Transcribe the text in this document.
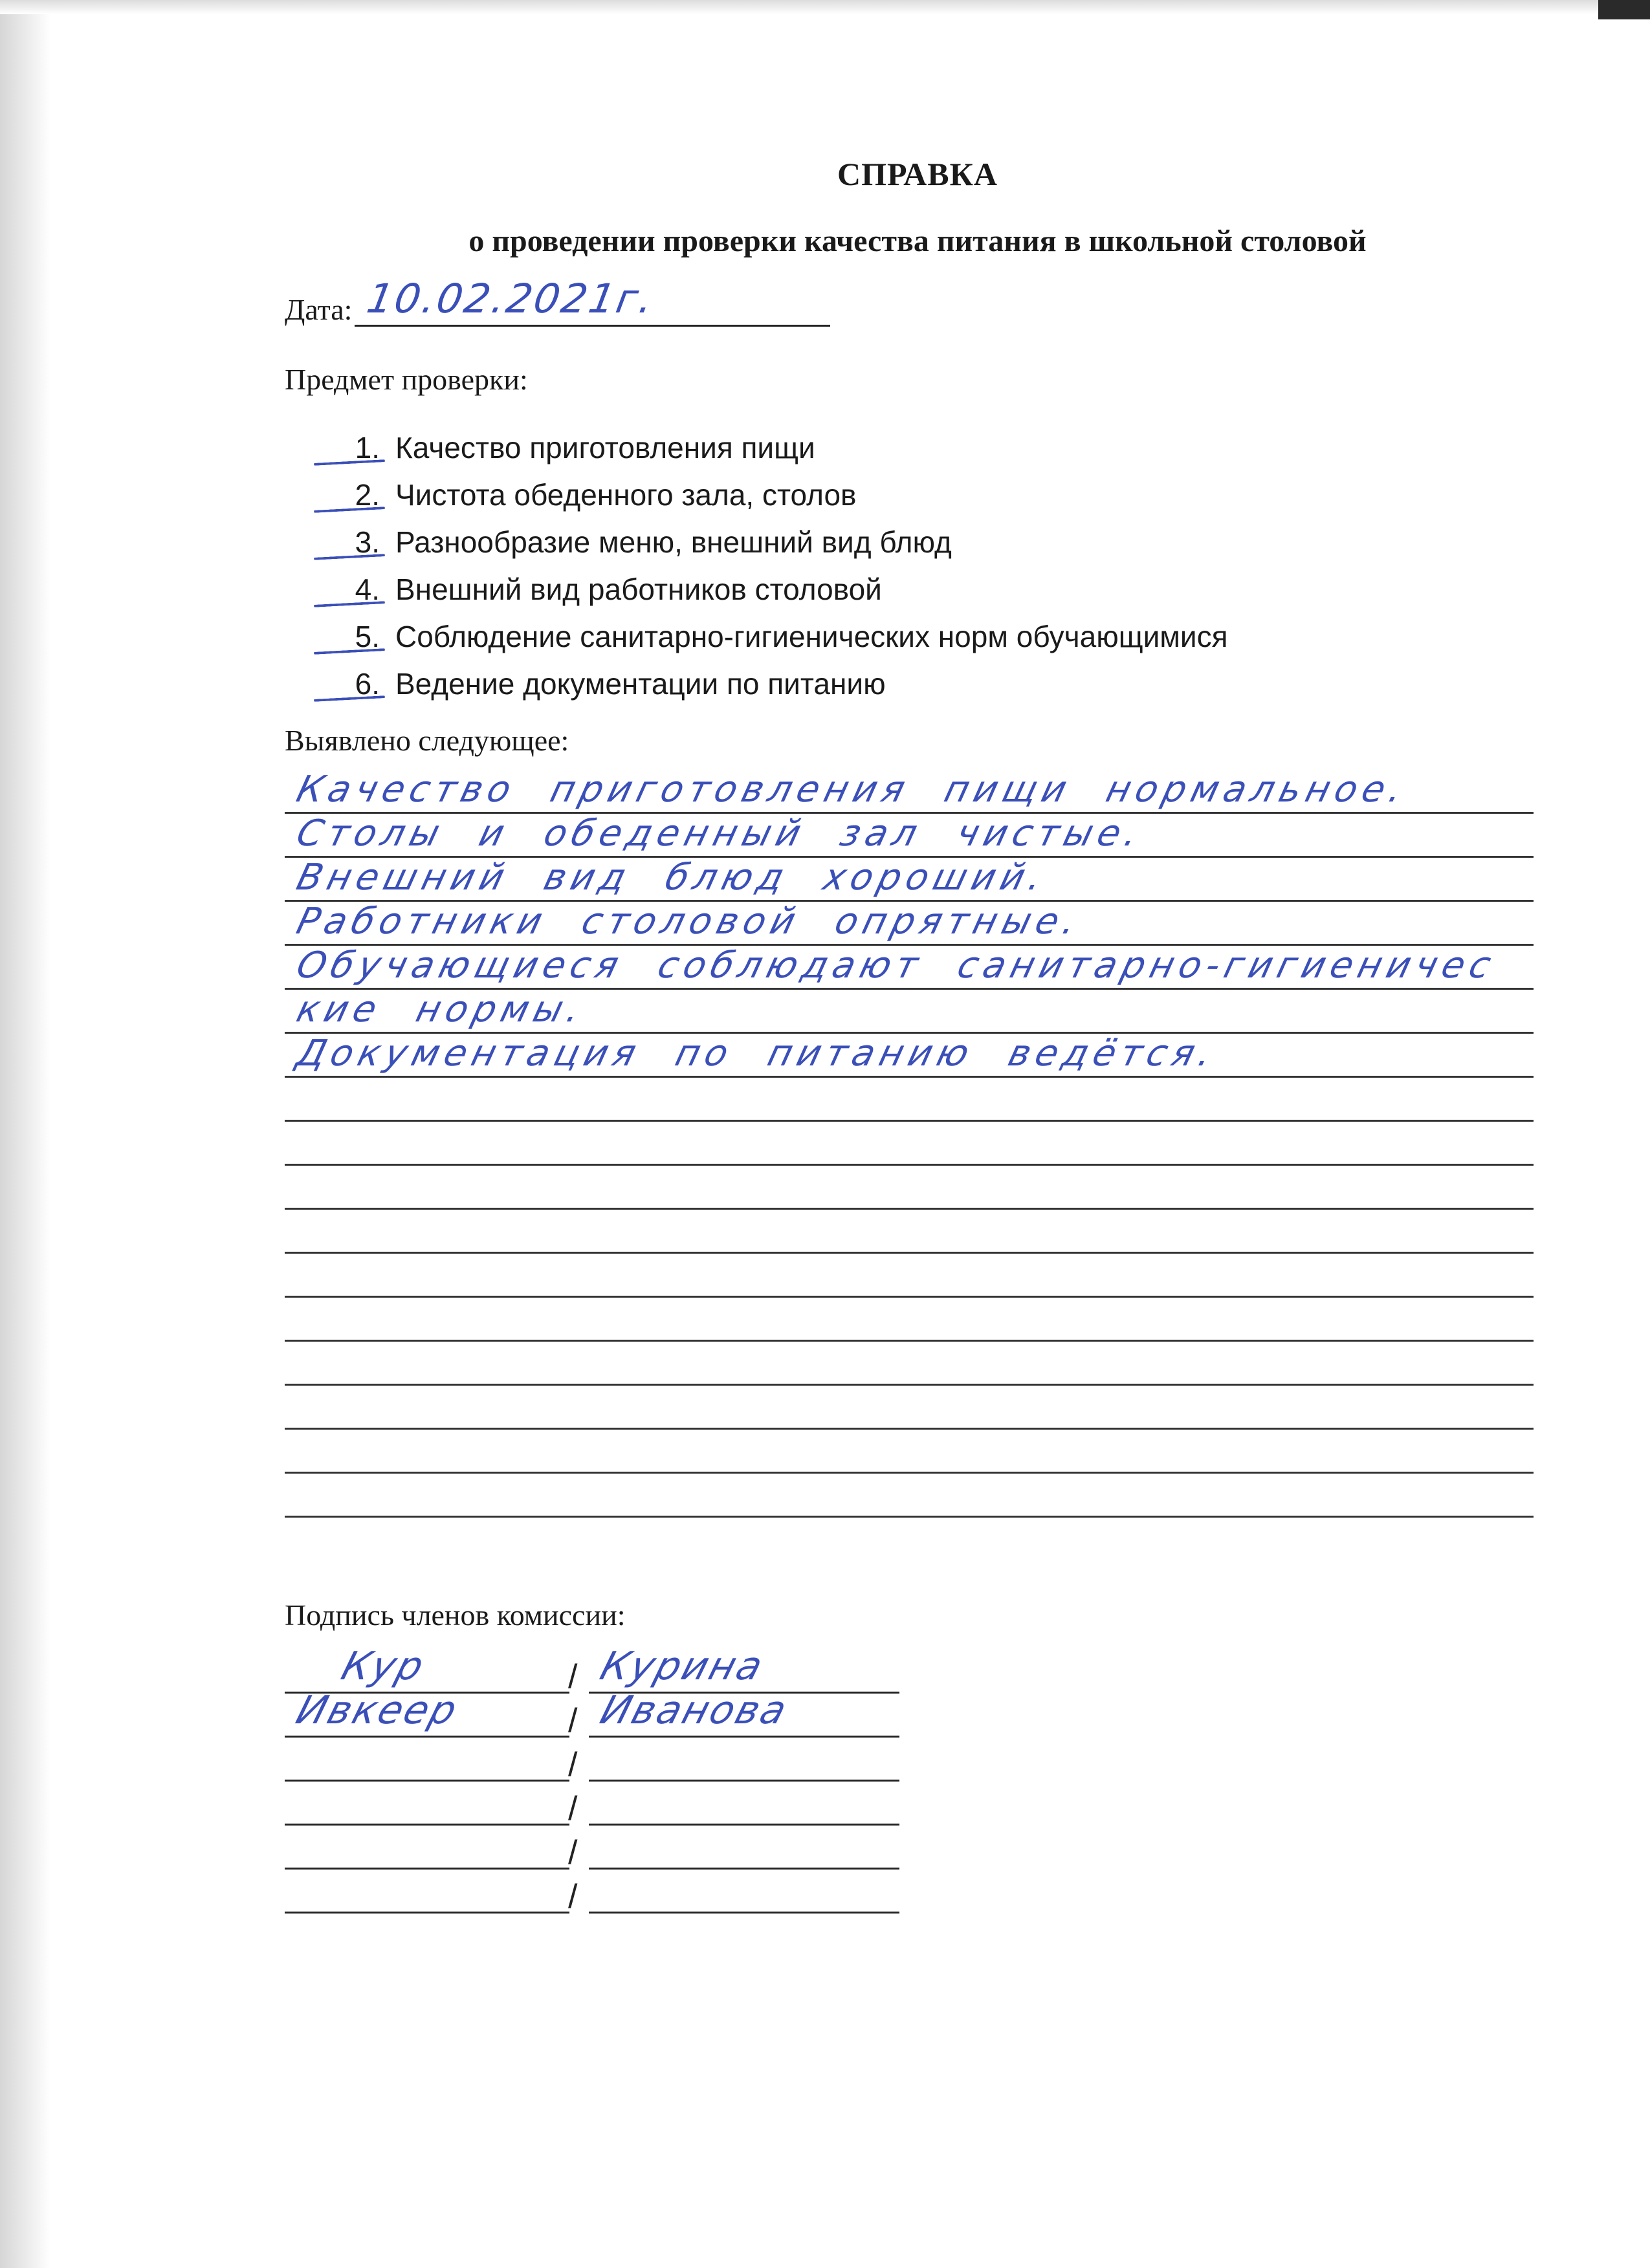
СПРАВКА
о проведении проверки качества питания в школьной столовой
Дата: 10.02.2021г.
Предмет проверки:
1. Качество приготовления пищи
2. Чистота обеденного зала, столов
3. Разнообразие меню, внешний вид блюд
4. Внешний вид работников столовой
5. Соблюдение санитарно-гигиенических норм обучающимися
6. Ведение документации по питанию
Выявлено следующее:
Качество приготовления пищи нормальное.
Столы и обеденный зал чистые.
Внешний вид блюд хороший.
Работники столовой опрятные.
Обучающиеся соблюдают санитарно-гигиеничес
кие нормы.
Документация по питанию ведётся.
Подпись членов комиссии:
Кур	/ Курина
Ивкеер	/ Иванова
/
/
/
/
